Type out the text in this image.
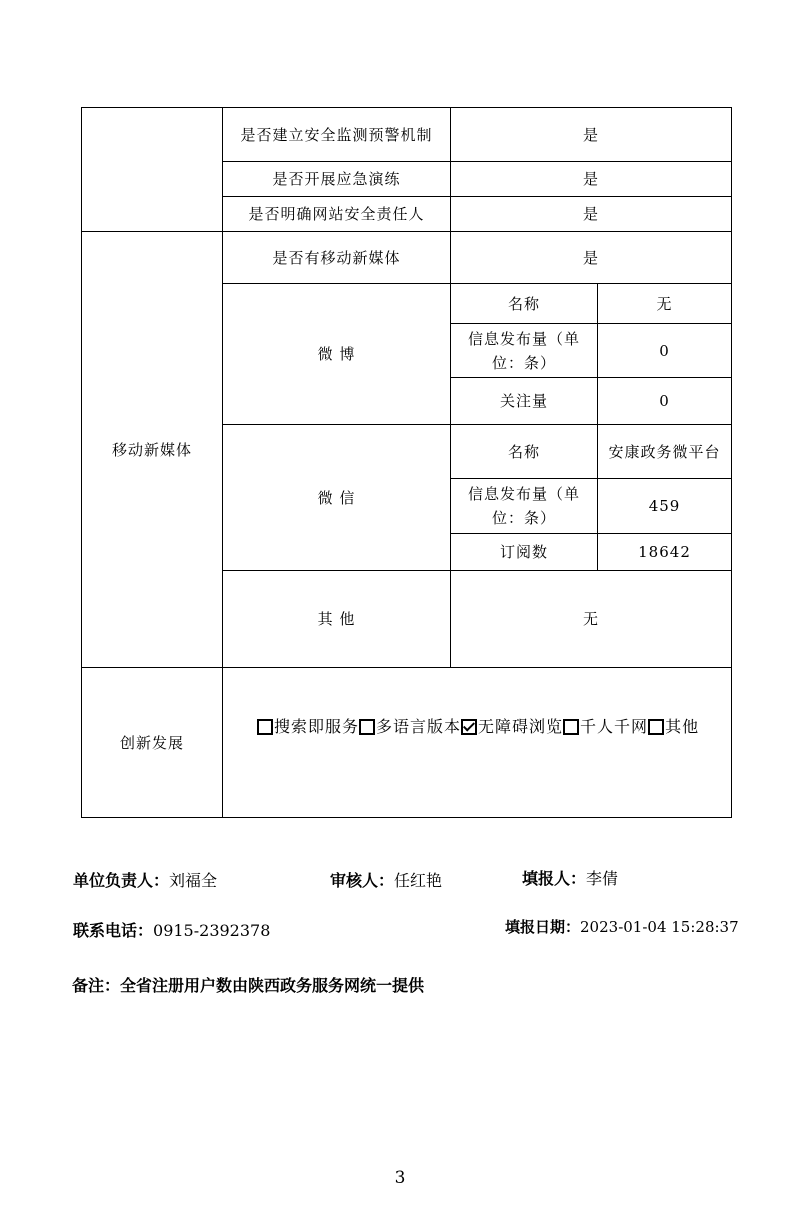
	是否建立安全监测预警机制	是	
	是否开展应急演练	是	
	是否明确网站安全责任人	是	
移动新媒体	是否有移动新媒体	是	
	微 博	名称	无
		信息发布量（单位：条）	0
		关注量	0
	微 信	名称	安康政务微平台
		信息发布量（单位：条）	459
		订阅数	18642
	其 他	无	
创新发展	搜索即服务 多语言版本 无障碍浏览 千人千网 其他		
单位负责人：刘福全	审核人：任红艳	填报人：李倩
联系电话：0915-2392378	填报日期：2023-01-04 15:28:37
备注：全省注册用户数由陕西政务服务网统一提供
3
